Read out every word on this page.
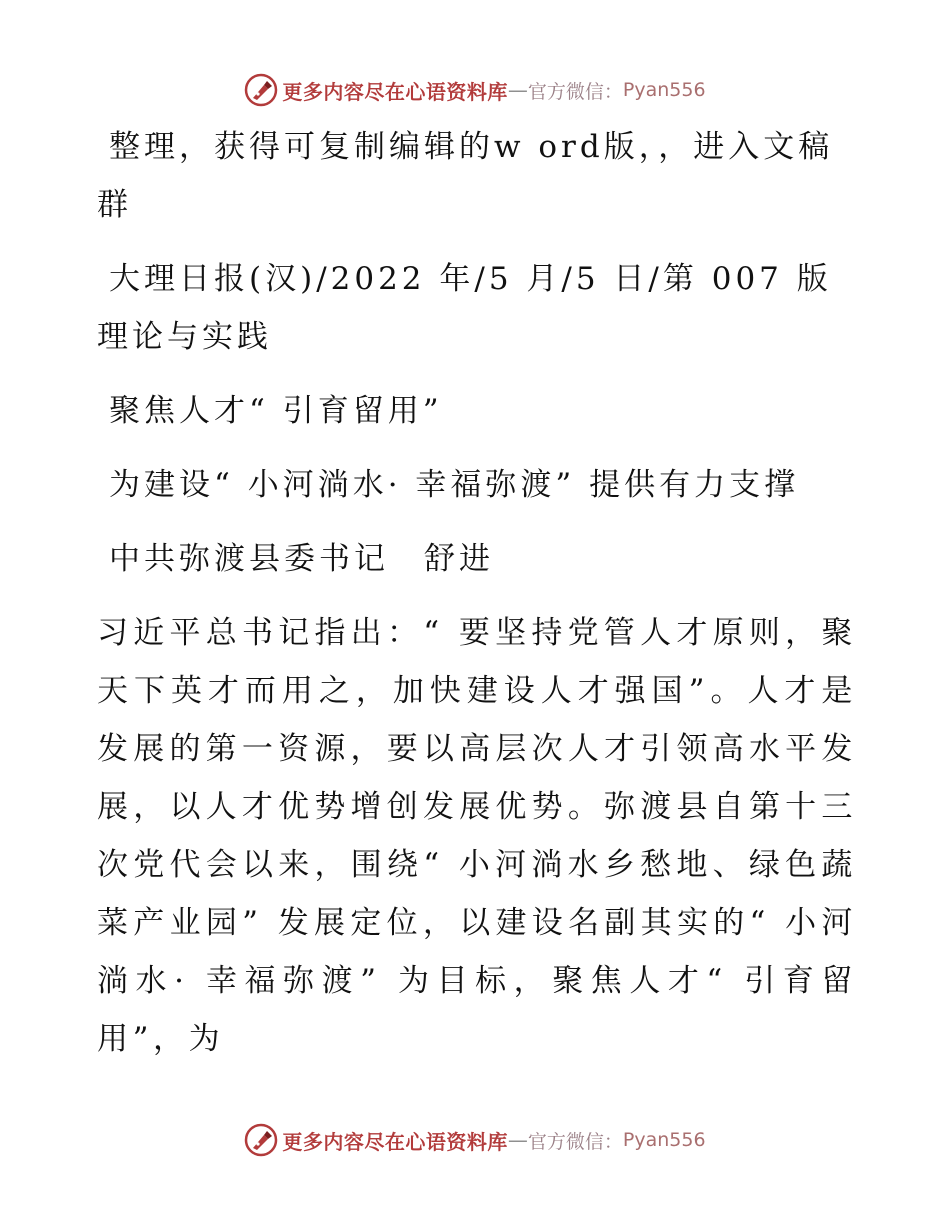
更多内容尽在心语资料库 — 官方微信： Pyan556

整理，获得可复制编辑的w ord版，，进入文稿群

大理日报(汉)/2022 年/5 月/5 日/第 007 版理论与实践

聚焦人才“ 引育留用”

为建设“ 小河淌水· 幸福弥渡” 提供有力支撑

中共弥渡县委书记　舒进

习近平总书记指出：“ 要坚持党管人才原则，聚天下英才而用之，加快建设人才强国”。人才是发展的第一资源，要以高层次人才引领高水平发展，以人才优势增创发展优势。弥渡县自第十三次党代会以来，围绕“ 小河淌水乡愁地、绿色蔬菜产业园” 发展定位，以建设名副其实的“ 小河淌水· 幸福弥渡” 为目标，聚焦人才“ 引育留用”，为

更多内容尽在心语资料库 — 官方微信： Pyan556
